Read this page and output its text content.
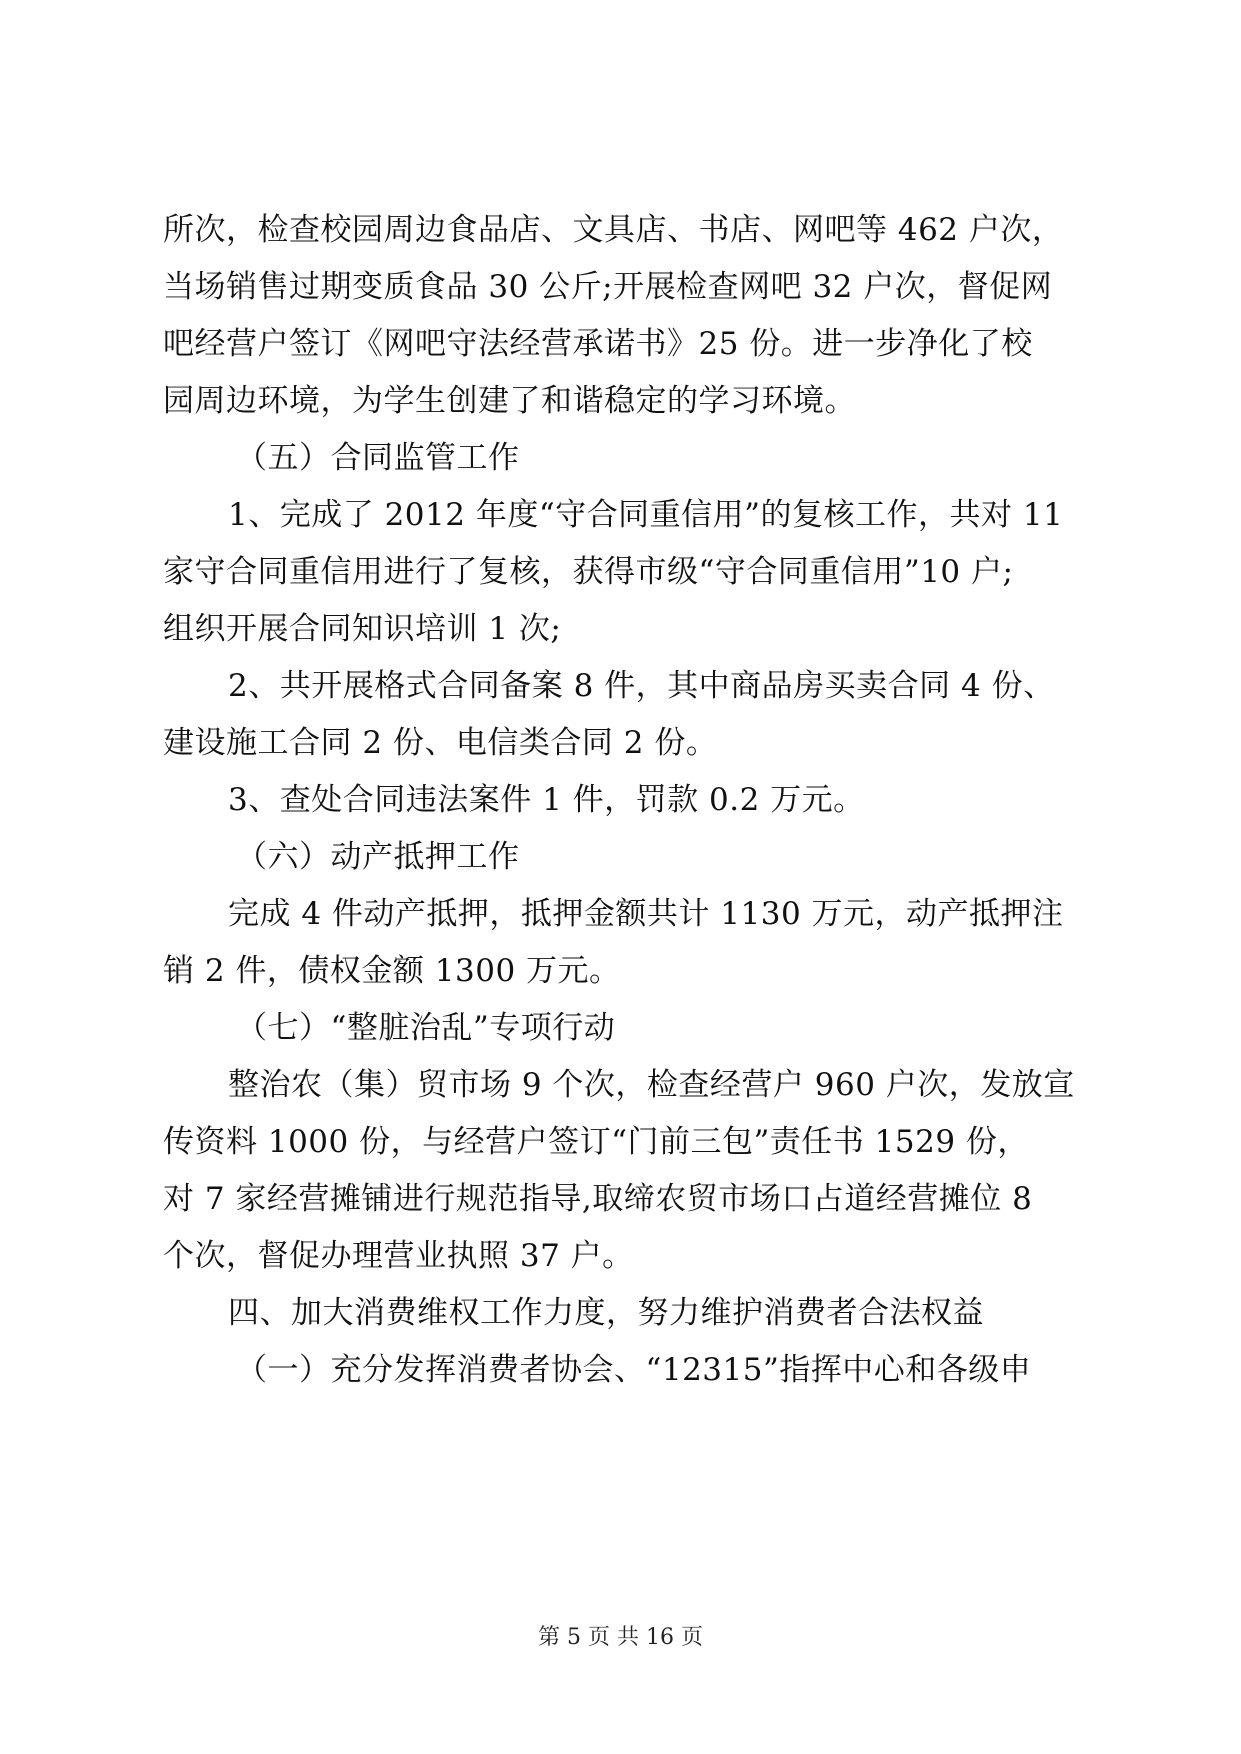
所次，检查校园周边食品店、文具店、书店、网吧等 462 户次，
当场销售过期变质食品 30 公斤;开展检查网吧 32 户次，督促网
吧经营户签订《网吧守法经营承诺书》25 份。进一步净化了校
园周边环境，为学生创建了和谐稳定的学习环境。
（五）合同监管工作
1、完成了 2012 年度“守合同重信用”的复核工作，共对 11
家守合同重信用进行了复核，获得市级“守合同重信用”10 户;
组织开展合同知识培训 1 次;
2、共开展格式合同备案 8 件，其中商品房买卖合同 4 份、
建设施工合同 2 份、电信类合同 2 份。
3、查处合同违法案件 1 件，罚款 0.2 万元。
（六）动产抵押工作
完成 4 件动产抵押，抵押金额共计 1130 万元，动产抵押注
销 2 件，债权金额 1300 万元。
（七）“整脏治乱”专项行动
整治农（集）贸市场 9 个次，检查经营户 960 户次，发放宣
传资料 1000 份，与经营户签订“门前三包”责任书 1529 份，
对 7 家经营摊铺进行规范指导,取缔农贸市场口占道经营摊位 8
个次，督促办理营业执照 37 户。
四、加大消费维权工作力度，努力维护消费者合法权益
（一）充分发挥消费者协会、“12315”指挥中心和各级申
第 5 页 共 16 页
